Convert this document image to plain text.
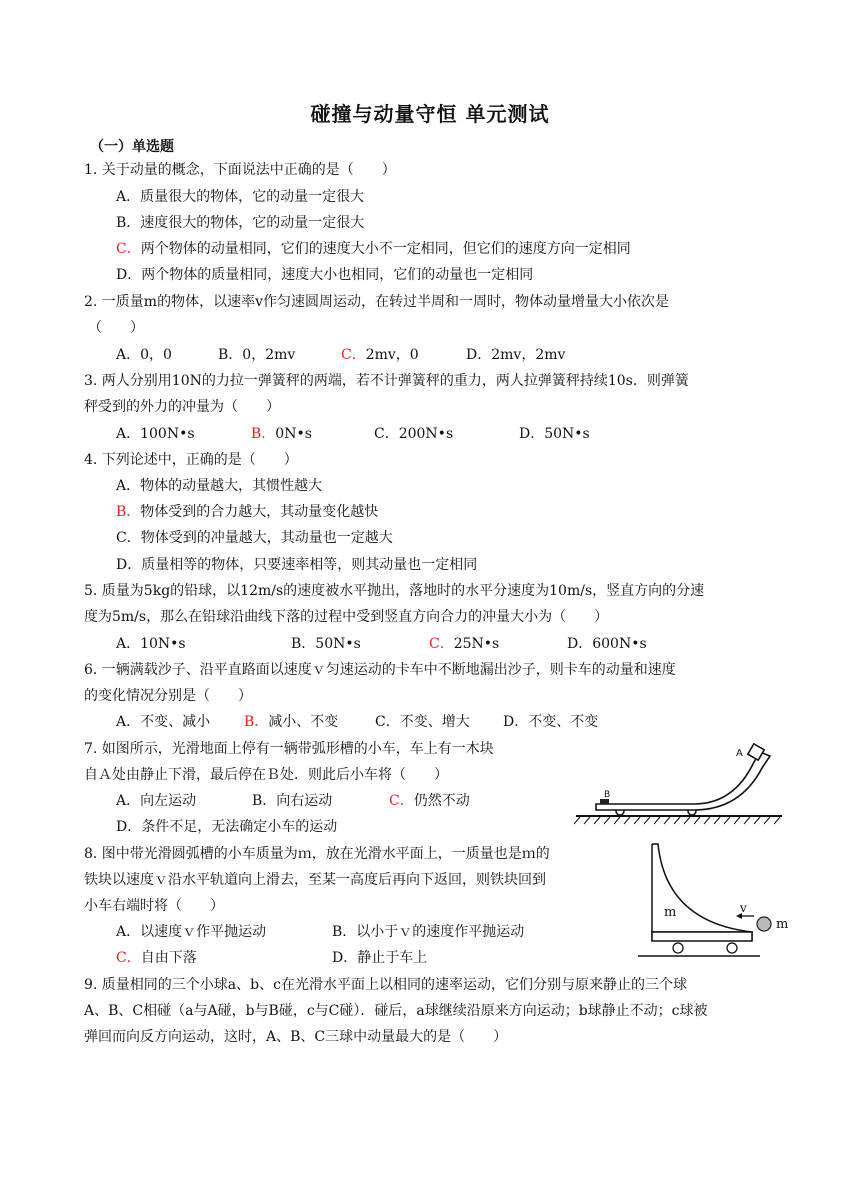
碰撞与动量守恒 单元测试
（一）单选题
1. 关于动量的概念，下面说法中正确的是（　　）
A．质量很大的物体，它的动量一定很大
B．速度很大的物体，它的动量一定很大
C．两个物体的动量相同，它们的速度大小不一定相同，但它们的速度方向一定相同
D．两个物体的质量相同，速度大小也相同，它们的动量也一定相同
2. 一质量m的物体，以速率v作匀速圆周运动，在转过半周和一周时，物体动量增量大小依次是
（　　）
A．0，0	B．0，2mv	C．2mv，0	D．2mv，2mv
3. 两人分别用10N的力拉一弹簧秤的两端，若不计弹簧秤的重力，两人拉弹簧秤持续10s．则弹簧
秤受到的外力的冲量为（　　）
A．100N•s	B．0N•s	C．200N•s	D．50N•s
4. 下列论述中，正确的是（　　）
A．物体的动量越大，其惯性越大
B．物体受到的合力越大，其动量变化越快
C．物体受到的冲量越大，其动量也一定越大
D．质量相等的物体，只要速率相等，则其动量也一定相同
5. 质量为5kg的铅球，以12m/s的速度被水平抛出，落地时的水平分速度为10m/s，竖直方向的分速
度为5m/s，那么在铅球沿曲线下落的过程中受到竖直方向合力的冲量大小为（　　）
A．10N•s	B．50N•s	C．25N•s	D．600N•s
6. 一辆满载沙子、沿平直路面以速度ｖ匀速运动的卡车中不断地漏出沙子，则卡车的动量和速度
的变化情况分别是（　　）
A．不变、减小 B．减小、不变	C．不变、增大 D．不变、不变
7. 如图所示，光滑地面上停有一辆带弧形槽的小车，车上有一木块
自Ａ处由静止下滑，最后停在Ｂ处．则此后小车将（　　）
A．向左运动	B．向右运动	C．仍然不动
D．条件不足，无法确定小车的运动
A
B
8. 图中带光滑圆弧槽的小车质量为ｍ，放在光滑水平面上，一质量也是ｍ的
铁块以速度ｖ沿水平轨道向上滑去，至某一高度后再向下返回，则铁块回到
小车右端时将（　　）
A．以速度ｖ作平抛运动	B．以小于ｖ的速度作平抛运动
C．自由下落	D．静止于车上
m	v
m
9. 质量相同的三个小球a、b、c在光滑水平面上以相同的速率运动，它们分别与原来静止的三个球
A、B、C相碰（a与A碰，b与B碰，c与C碰）．碰后，a球继续沿原来方向运动；b球静止不动；c球被
弹回而向反方向运动，这时，A、B、C三球中动量最大的是（　　）
